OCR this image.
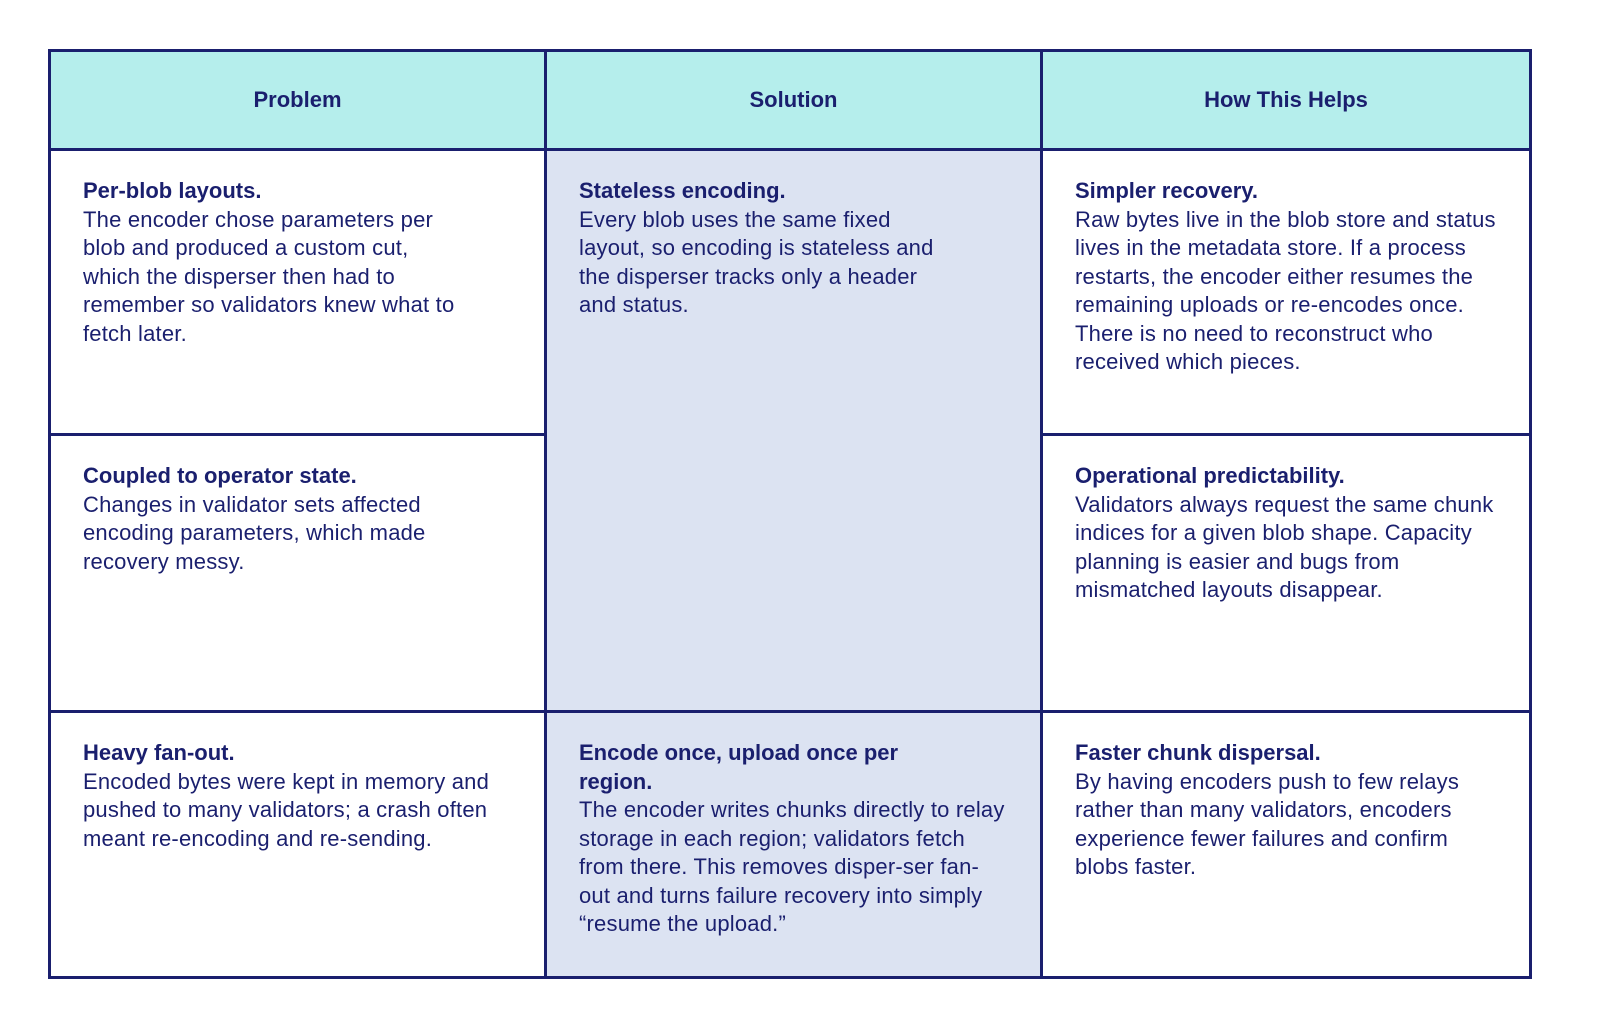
Problem	Solution	How This Helps
Per-blob layouts.
The encoder chose parameters per blob and produced a custom cut, which the disperser then had to remember so validators knew what to fetch later.
Stateless encoding.
Every blob uses the same fixed layout, so encoding is stateless and the disperser tracks only a header and status.
Simpler recovery.
Raw bytes live in the blob store and status lives in the metadata store. If a process restarts, the encoder either resumes the remaining uploads or re-encodes once. There is no need to reconstruct who received which pieces.
Coupled to operator state.
Changes in validator sets affected encoding parameters, which made recovery messy.
Operational predictability.
Validators always request the same chunk indices for a given blob shape. Capacity planning is easier and bugs from mismatched layouts disappear.
Heavy fan-out.
Encoded bytes were kept in memory and pushed to many validators; a crash often meant re-encoding and re-sending.
Encode once, upload once per region.
The encoder writes chunks directly to relay storage in each region; validators fetch from there. This removes disper-ser fan-out and turns failure recovery into simply “resume the upload.”
Faster chunk dispersal.
By having encoders push to few relays rather than many validators, encoders experience fewer failures and confirm blobs faster.
